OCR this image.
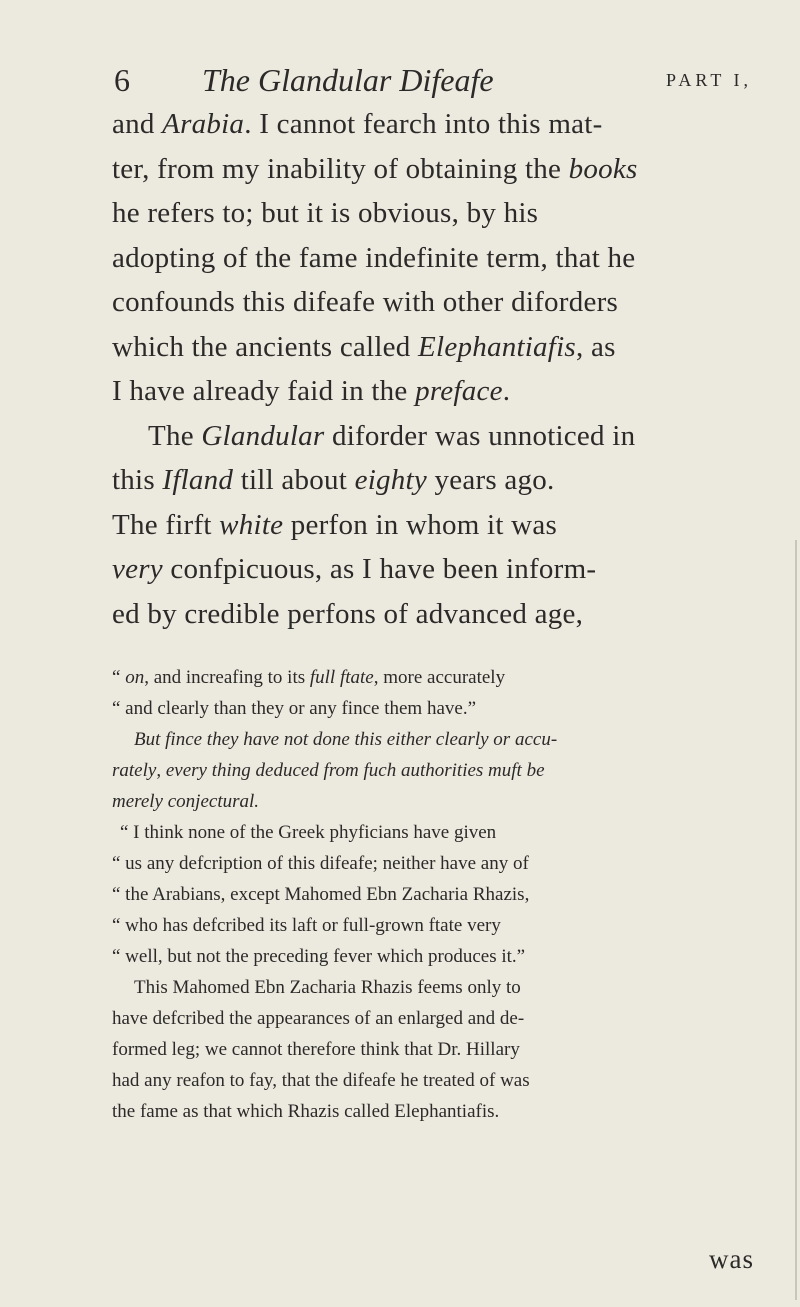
6 The Glandular Difeafe	PART I,

and Arabia. I cannot fearch into this mat-

ter, from my inability of obtaining the books

he refers to; but it is obvious, by his

adopting of the fame indefinite term, that he

confounds this difeafe with other diforders

which the ancients called Elephantiafis, as

I have already faid in the preface.

The Glandular diforder was unnoticed in

this Ifland till about eighty years ago.

The firft white perfon in whom it was

very confpicuous, as I have been inform-

ed by credible perfons of advanced age,

“ on, and increafing to its full ftate, more accurately

“ and clearly than they or any fince them have.”

But fince they have not done this either clearly or accu-

rately, every thing deduced from fuch authorities muft be

merely conjectural.

“ I think none of the Greek phyficians have given

“ us any defcription of this difeafe; neither have any of

“ the Arabians, except Mahomed Ebn Zacharia Rhazis,

“ who has defcribed its laft or full-grown ftate very

“ well, but not the preceding fever which produces it.”

This Mahomed Ebn Zacharia Rhazis feems only to

have defcribed the appearances of an enlarged and de-

formed leg; we cannot therefore think that Dr. Hillary

had any reafon to fay, that the difeafe he treated of was

the fame as that which Rhazis called Elephantiafis.

was
